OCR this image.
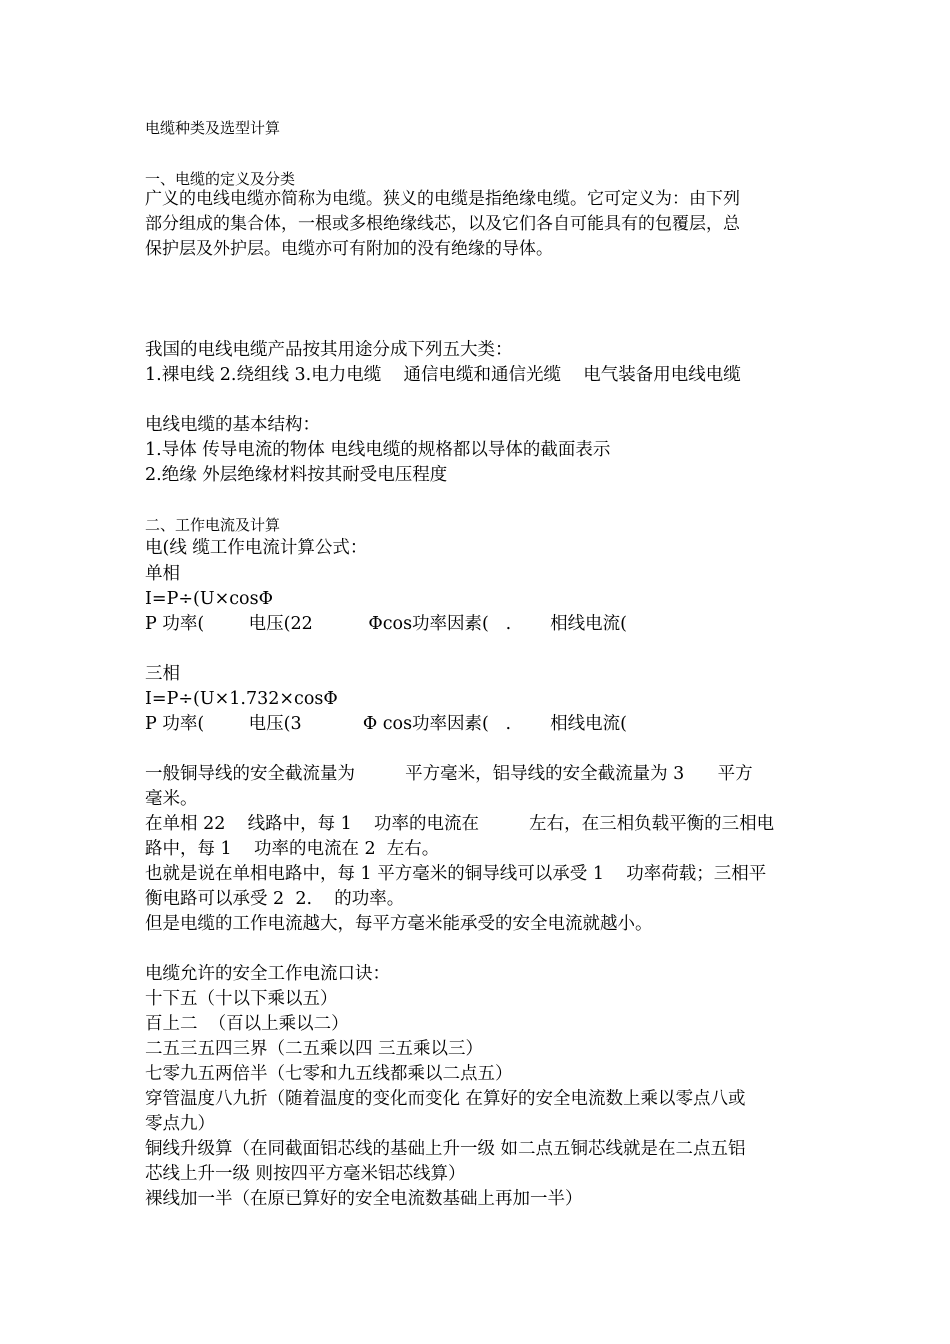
电缆种类及选型计算
一、电缆的定义及分类
广义的电线电缆亦简称为电缆。狭义的电缆是指绝缘电缆。它可定义为：由下列
部分组成的集合体，一根或多根绝缘线芯，以及它们各自可能具有的包覆层，总
保护层及外护层。电缆亦可有附加的没有绝缘的导体。
我国的电线电缆产品按其用途分成下列五大类：
1.裸电线 2.绕组线 3.电力电缆    通信电缆和通信光缆    电气装备用电线电缆
电线电缆的基本结构：
1.导体 传导电流的物体 电线电缆的规格都以导体的截面表示
2.绝缘 外层绝缘材料按其耐受电压程度
二、工作电流及计算
电(线 缆工作电流计算公式：
单相
I=P÷(U×cosΦ
P 功率(        电压(22          Φcos功率因素(   .       相线电流(
三相
I=P÷(U×1.732×cosΦ
P 功率(        电压(3           Φ cos功率因素(   .       相线电流(
一般铜导线的安全截流量为         平方毫米，铝导线的安全截流量为 3      平方
毫米。
在单相 22    线路中，每 1    功率的电流在         左右，在三相负载平衡的三相电
路中，每 1    功率的电流在 2  左右。
也就是说在单相电路中，每 1 平方毫米的铜导线可以承受 1    功率荷载；三相平
衡电路可以承受 2  2.    的功率。
但是电缆的工作电流越大，每平方毫米能承受的安全电流就越小。
电缆允许的安全工作电流口诀：
十下五（十以下乘以五）
百上二  （百以上乘以二）
二五三五四三界（二五乘以四 三五乘以三）
七零九五两倍半（七零和九五线都乘以二点五）
穿管温度八九折（随着温度的变化而变化 在算好的安全电流数上乘以零点八或
零点九）
铜线升级算（在同截面铝芯线的基础上升一级 如二点五铜芯线就是在二点五铝
芯线上升一级 则按四平方毫米铝芯线算）
裸线加一半（在原已算好的安全电流数基础上再加一半）
